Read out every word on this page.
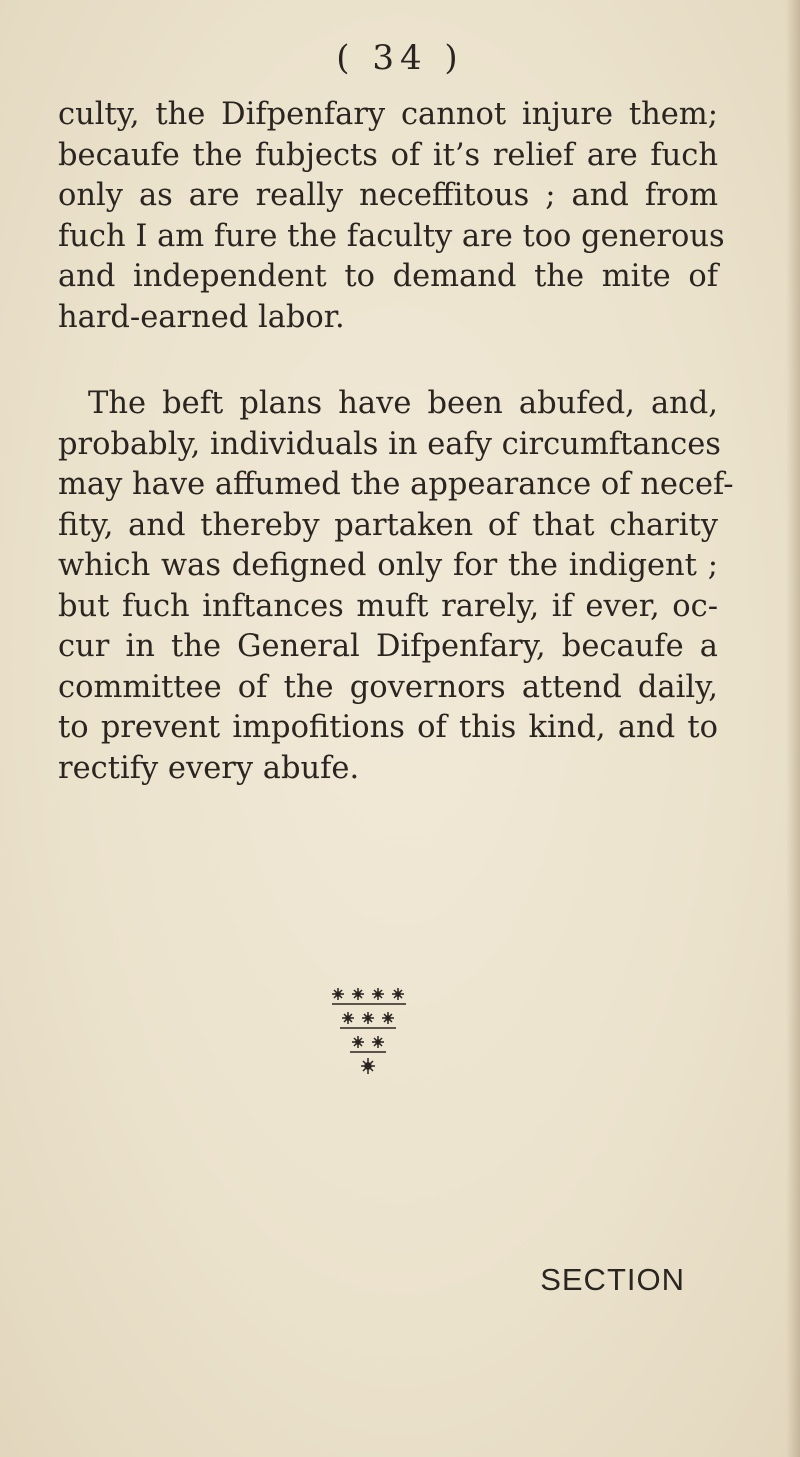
( 34 )

culty, the Difpenfary cannot injure them;
becaufe the fubjects of it’s relief are fuch
only as are really neceffitous ; and from
fuch I am fure the faculty are too generous
and independent to demand the mite of
hard-earned labor.

The beft plans have been abufed, and,
probably, individuals in eafy circumftances
may have affumed the appearance of necef-
fity, and thereby partaken of that charity
which was defigned only for the indigent ;
but fuch inftances muft rarely, if ever, oc-
cur in the General Difpenfary, becaufe a
committee of the governors attend daily,
to prevent impofitions of this kind, and to
rectify every abufe.

SECTION
